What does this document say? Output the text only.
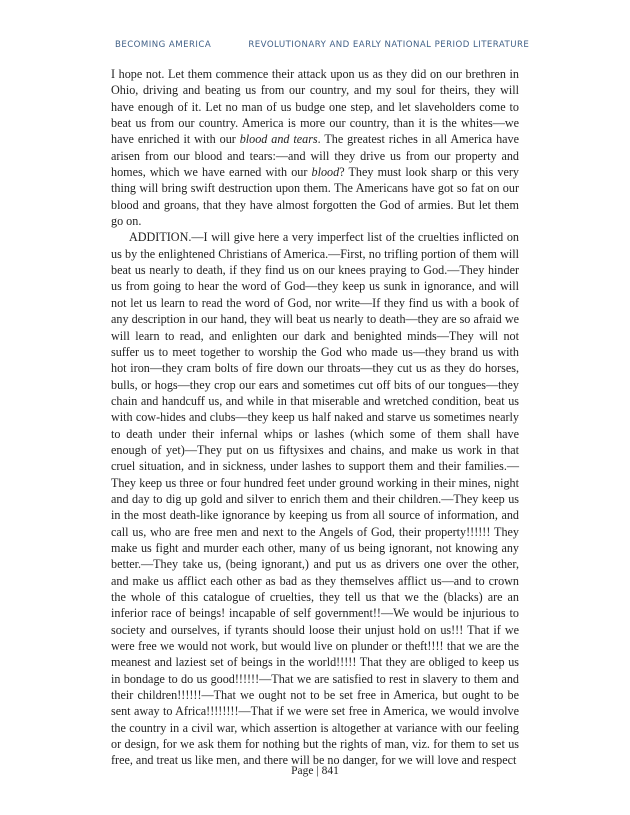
BECOMING AMERICA	REVOLUTIONARY AND EARLY NATIONAL PERIOD LITERATURE

I hope not. Let them commence their attack upon us as they did on our brethren in Ohio, driving and beating us from our country, and my soul for theirs, they will have enough of it. Let no man of us budge one step, and let slaveholders come to beat us from our country. America is more our country, than it is the whites—we have enriched it with our blood and tears. The greatest riches in all America have arisen from our blood and tears:—and will they drive us from our property and homes, which we have earned with our blood? They must look sharp or this very thing will bring swift destruction upon them. The Americans have got so fat on our blood and groans, that they have almost forgotten the God of armies. But let them go on.

ADDITION.—I will give here a very imperfect list of the cruelties inflicted on us by the enlightened Christians of America.—First, no trifling portion of them will beat us nearly to death, if they find us on our knees praying to God.—They hinder us from going to hear the word of God—they keep us sunk in ignorance, and will not let us learn to read the word of God, nor write—If they find us with a book of any description in our hand, they will beat us nearly to death—they are so afraid we will learn to read, and enlighten our dark and benighted minds—They will not suffer us to meet together to worship the God who made us—they brand us with hot iron—they cram bolts of fire down our throats—they cut us as they do horses, bulls, or hogs—they crop our ears and sometimes cut off bits of our tongues—they chain and handcuff us, and while in that miserable and wretched condition, beat us with cow-hides and clubs—they keep us half naked and starve us sometimes nearly to death under their infernal whips or lashes (which some of them shall have enough of yet)—They put on us fiftysixes and chains, and make us work in that cruel situation, and in sickness, under lashes to support them and their families.—They keep us three or four hundred feet under ground working in their mines, night and day to dig up gold and silver to enrich them and their children.—They keep us in the most death-like ignorance by keeping us from all source of information, and call us, who are free men and next to the Angels of God, their property!!!!!! They make us fight and murder each other, many of us being ignorant, not knowing any better.—They take us, (being ignorant,) and put us as drivers one over the other, and make us afflict each other as bad as they themselves afflict us—and to crown the whole of this catalogue of cruelties, they tell us that we the (blacks) are an inferior race of beings! incapable of self government!!—We would be injurious to society and ourselves, if tyrants should loose their unjust hold on us!!! That if we were free we would not work, but would live on plunder or theft!!!! that we are the meanest and laziest set of beings in the world!!!!! That they are obliged to keep us in bondage to do us good!!!!!!—That we are satisfied to rest in slavery to them and their children!!!!!!—That we ought not to be set free in America, but ought to be sent away to Africa!!!!!!!!—That if we were set free in America, we would involve the country in a civil war, which assertion is altogether at variance with our feeling or design, for we ask them for nothing but the rights of man, viz. for them to set us free, and treat us like men, and there will be no danger, for we will love and respect

Page | 841
